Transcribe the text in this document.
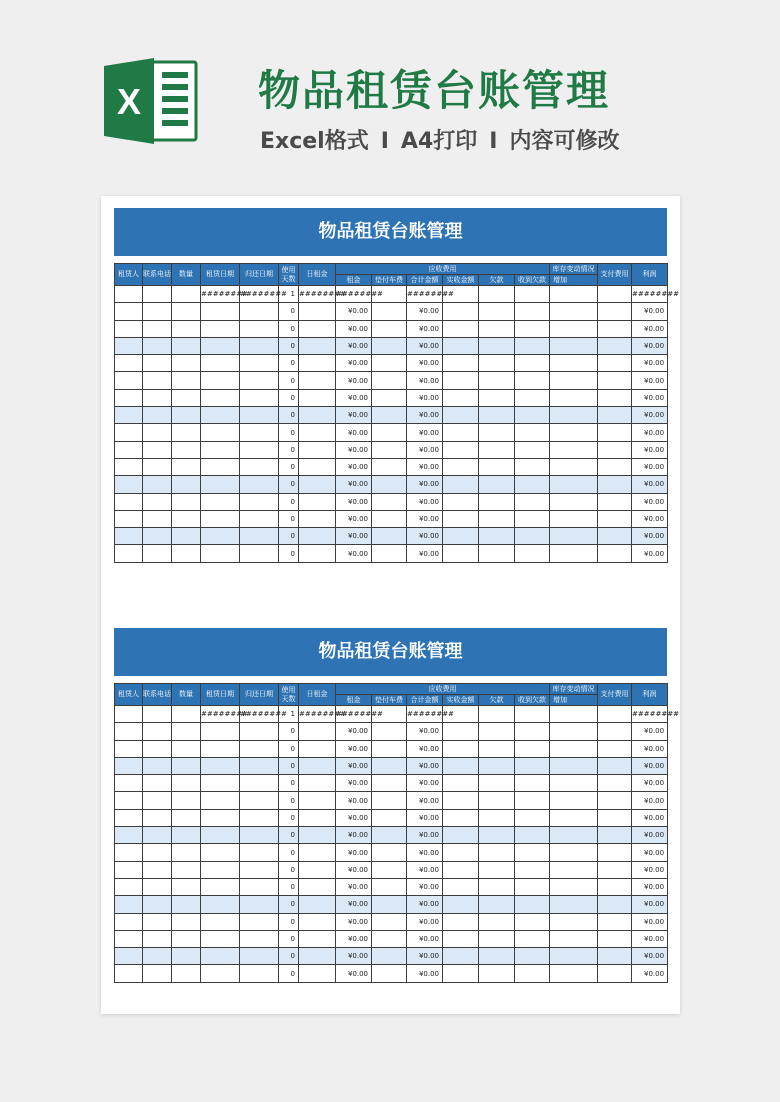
X	物品租赁台账管理
Excel格式 I A4打印 I 内容可修改
物品租赁台账管理
租赁人	联系电话	数量	租赁日期	归还日期	使用天数	日租金	应收费用						库存变动情况	支付费用	利润
							租金	垫付车费	合计金额	实收金额	欠款	收到欠款	增加		
			########	########	1	########	########		########						########
					0		¥0.00		¥0.00						¥0.00
					0		¥0.00		¥0.00						¥0.00
					0		¥0.00		¥0.00						¥0.00
					0		¥0.00		¥0.00						¥0.00
					0		¥0.00		¥0.00						¥0.00
					0		¥0.00		¥0.00						¥0.00
					0		¥0.00		¥0.00						¥0.00
					0		¥0.00		¥0.00						¥0.00
					0		¥0.00		¥0.00						¥0.00
					0		¥0.00		¥0.00						¥0.00
					0		¥0.00		¥0.00						¥0.00
					0		¥0.00		¥0.00						¥0.00
					0		¥0.00		¥0.00						¥0.00
					0		¥0.00		¥0.00						¥0.00
					0		¥0.00		¥0.00						¥0.00
物品租赁台账管理
租赁人	联系电话	数量	租赁日期	归还日期	使用天数	日租金	应收费用						库存变动情况	支付费用	利润
							租金	垫付车费	合计金额	实收金额	欠款	收到欠款	增加		
			########	########	1	########	########		########						########
					0		¥0.00		¥0.00						¥0.00
					0		¥0.00		¥0.00						¥0.00
					0		¥0.00		¥0.00						¥0.00
					0		¥0.00		¥0.00						¥0.00
					0		¥0.00		¥0.00						¥0.00
					0		¥0.00		¥0.00						¥0.00
					0		¥0.00		¥0.00						¥0.00
					0		¥0.00		¥0.00						¥0.00
					0		¥0.00		¥0.00						¥0.00
					0		¥0.00		¥0.00						¥0.00
					0		¥0.00		¥0.00						¥0.00
					0		¥0.00		¥0.00						¥0.00
					0		¥0.00		¥0.00						¥0.00
					0		¥0.00		¥0.00						¥0.00
					0		¥0.00		¥0.00						¥0.00
